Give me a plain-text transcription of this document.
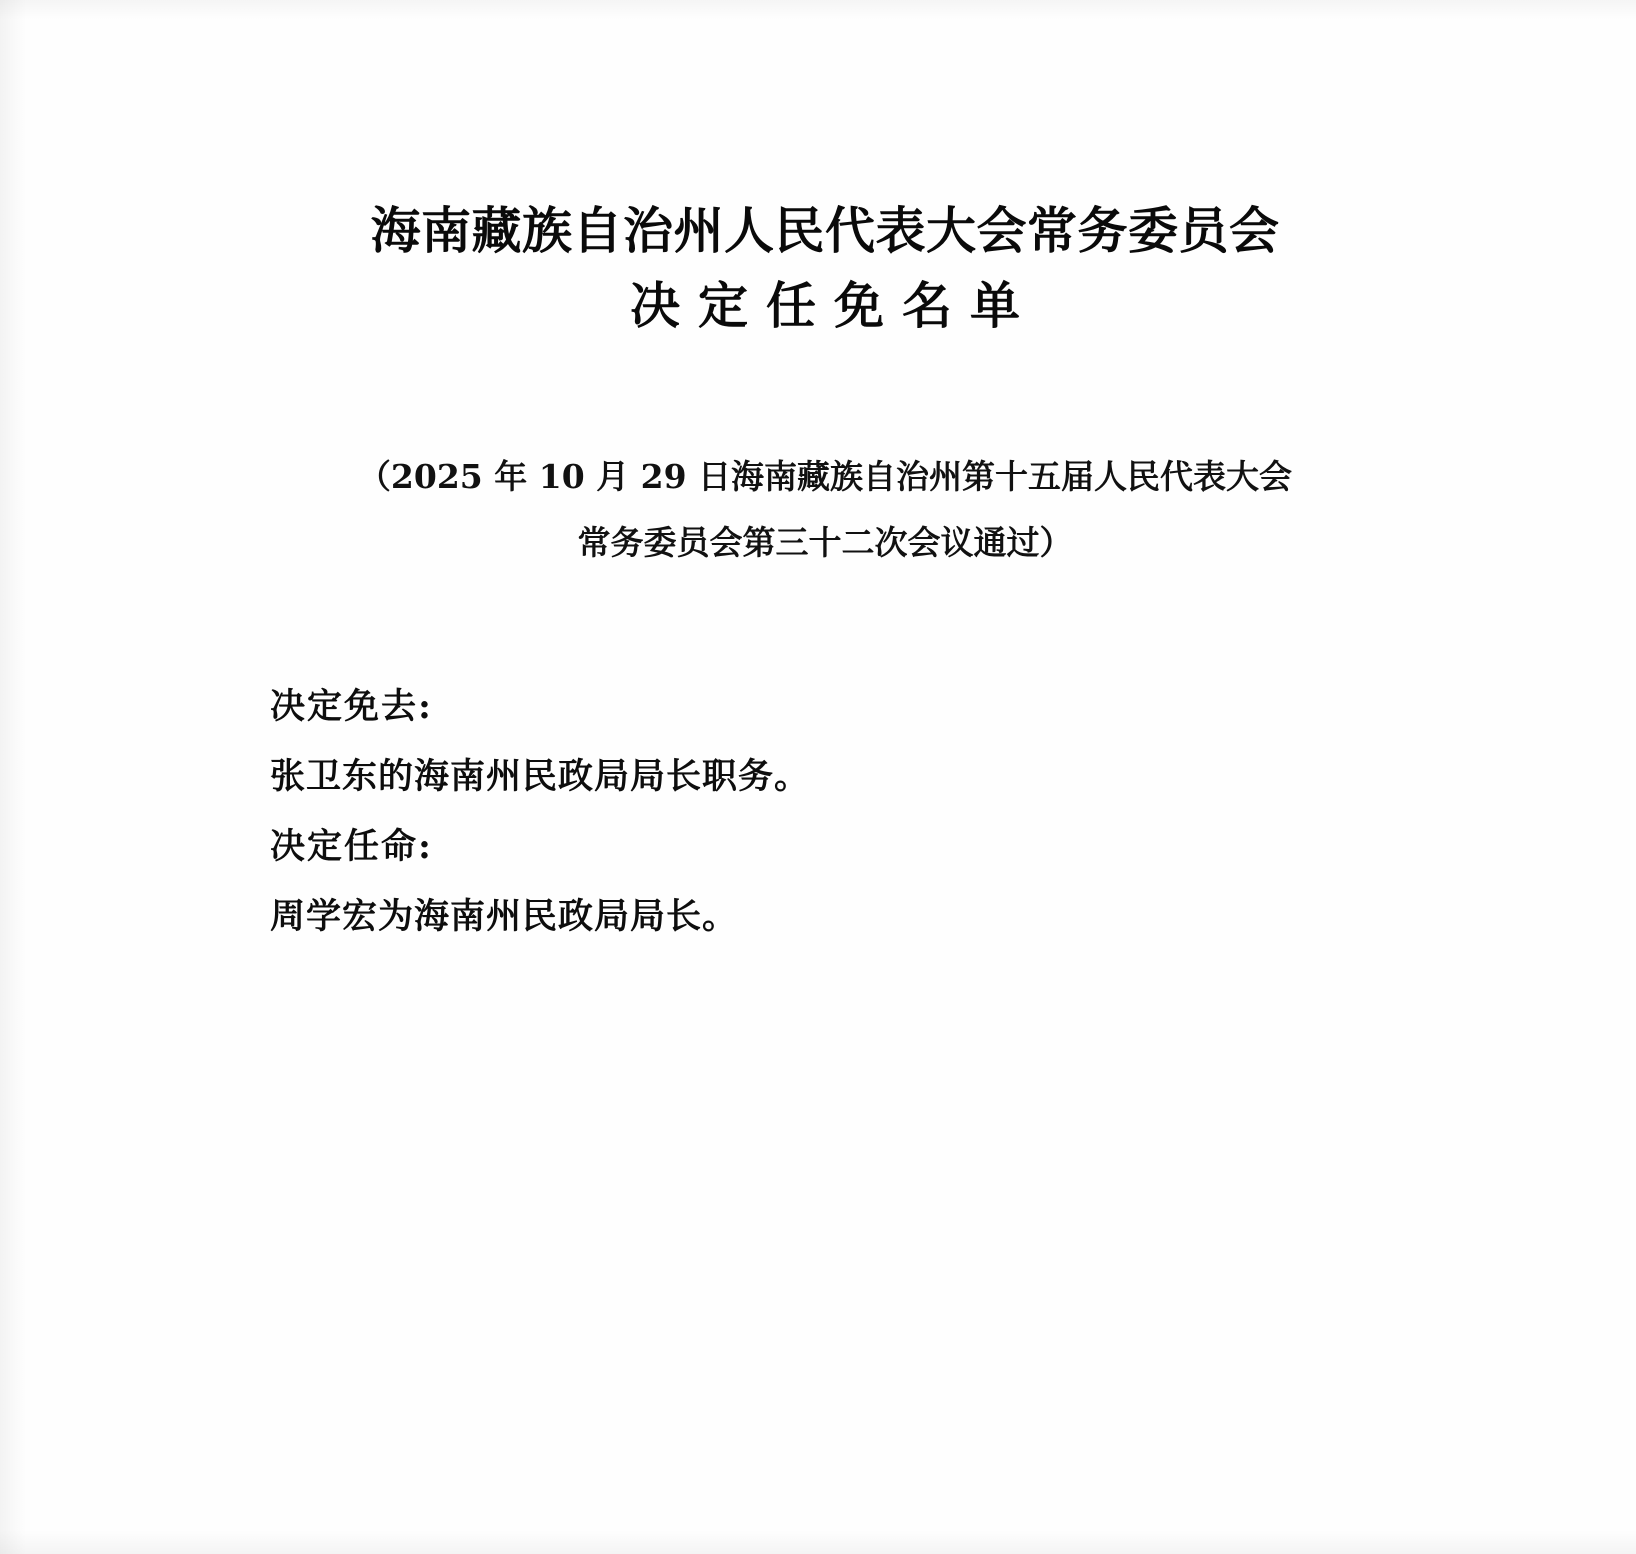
海南藏族自治州人民代表大会常务委员会
决定任免名单
（2025 年 10 月 29 日海南藏族自治州第十五届人民代表大会
常务委员会第三十二次会议通过）
决定免去:
张卫东的海南州民政局局长职务。
决定任命:
周学宏为海南州民政局局长。
